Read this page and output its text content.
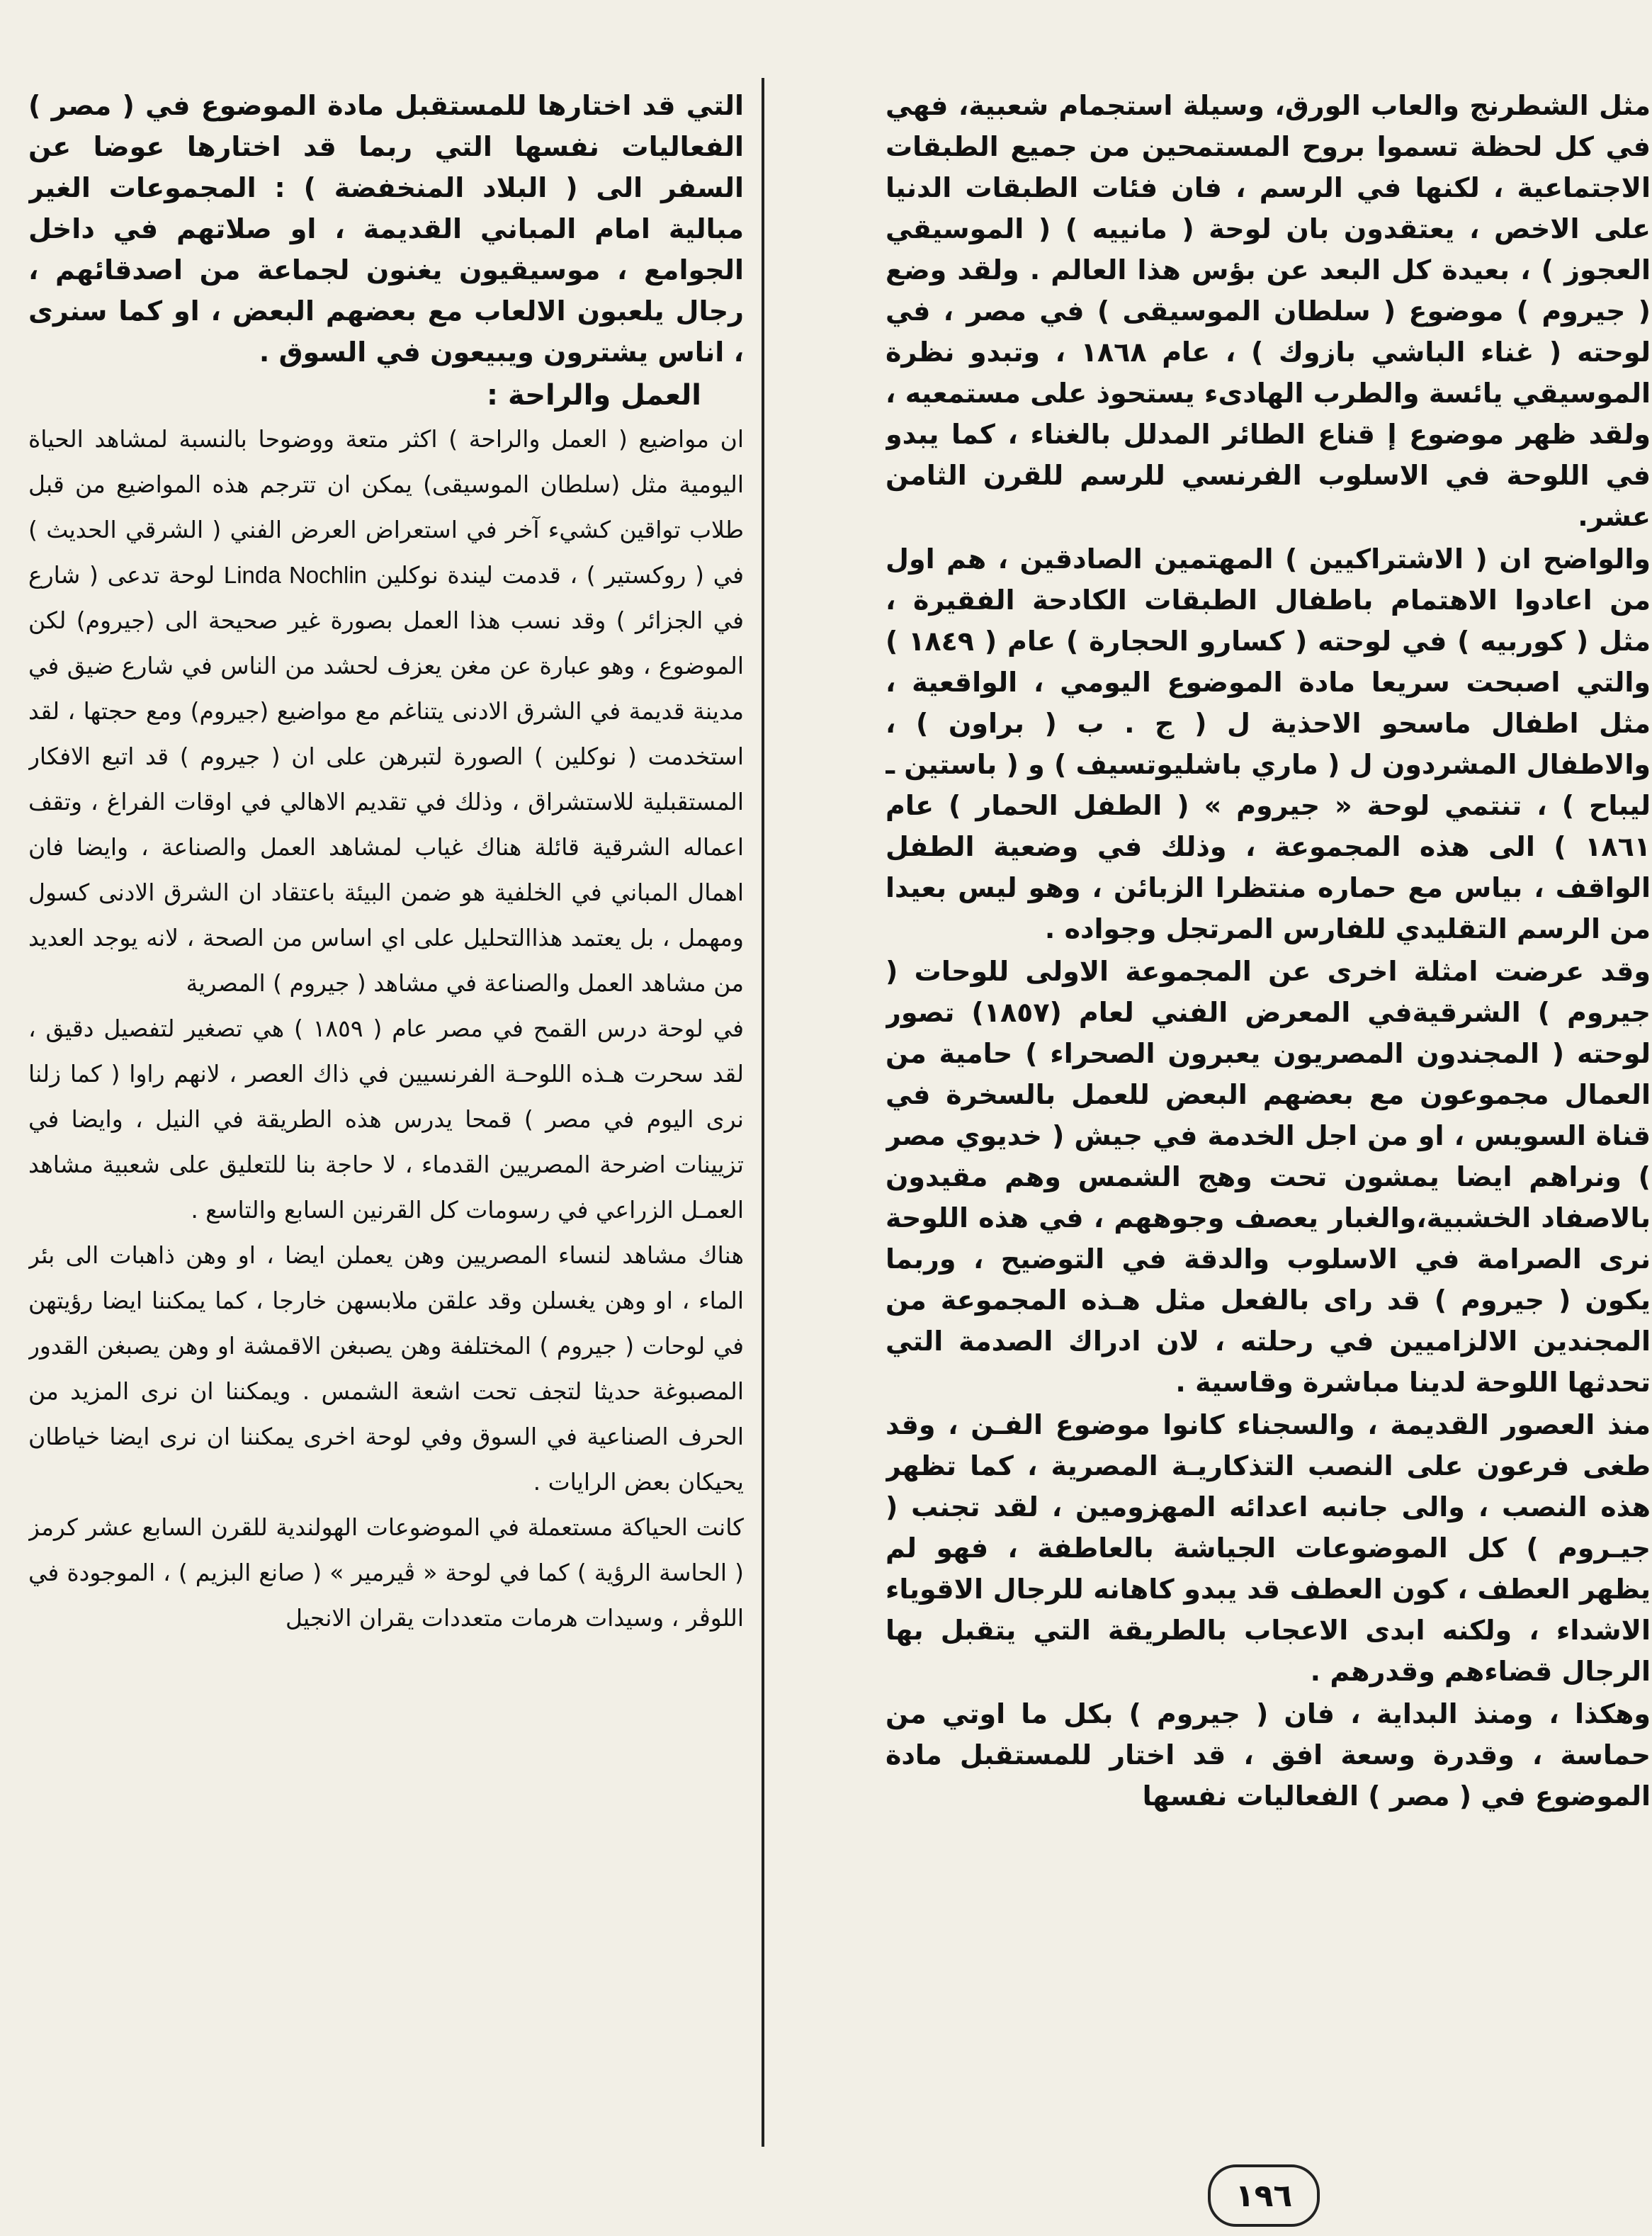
مثل الشطرنج والعاب الورق، وسيلة استجمام شعبية، فهي في كل لحظة تسموا بروح المستمحين من جميع الطبقات الاجتماعية ، لكنها في الرسم ، فان فئات الطبقات الدنيا على الاخص ، يعتقدون بان لوحة ( مانييه ) ( الموسيقي العجوز ) ، بعيدة كل البعد عن بؤس هذا العالم . ولقد وضع ( جيروم ) موضوع ( سلطان الموسيقى ) في مصر ، في لوحته ( غناء الباشي بازوك ) ، عام ١٨٦٨ ، وتبدو نظرة الموسيقي يائسة والطرب الهادىء يستحوذ على مستمعيه ، ولقد ظهر موضوع إ قناع الطائر المدلل بالغناء ، كما يبدو في اللوحة في الاسلوب الفرنسي للرسم للقرن الثامن عشر.

والواضح ان ( الاشتراكيين ) المهتمين الصادقين ، هم اول من اعادوا الاهتمام باطفال الطبقات الكادحة الفقيرة ، مثل ( كوربيه ) في لوحته ( كسارو الحجارة ) عام ( ١٨٤٩ ) والتي اصبحت سريعا مادة الموضوع اليومي ، الواقعية ، مثل اطفال ماسحو الاحذية ل ( ج . ب ( براون ) ، والاطفال المشردون ل ( ماري باشليوتسيف ) و ( باستين ـ ليباح ) ، تنتمي لوحة « جيروم » ( الطفل الحمار ) عام ١٨٦١ ) الى هذه المجموعة ، وذلك في وضعية الطفل الواقف ، بياس مع حماره منتظرا الزبائن ، وهو ليس بعيدا من الرسم التقليدي للفارس المرتجل وجواده .

وقد عرضت امثلة اخرى عن المجموعة الاولى للوحات ( جيروم ) الشرقيةفي المعرض الفني لعام (١٨٥٧) تصور لوحته ( المجندون المصريون يعبرون الصحراء ) حامية من العمال مجموعون مع بعضهم البعض للعمل بالسخرة في قناة السويس ، او من اجل الخدمة في جيش ( خديوي مصر ) ونراهم ايضا يمشون تحت وهج الشمس وهم مقيدون بالاصفاد الخشبية،والغبار يعصف وجوههم ، في هذه اللوحة نرى الصرامة في الاسلوب والدقة في التوضيح ، وربما يكون ( جيروم ) قد راى بالفعل مثل هـذه المجموعة من المجندين الالزاميين في رحلته ، لان ادراك الصدمة التي تحدثها اللوحة لدينا مباشرة وقاسية .

منذ العصور القديمة ، والسجناء كانوا موضوع الفـن ، وقد طغى فرعون على النصب التذكاريـة المصرية ، كما تظهر هذه النصب ، والى جانبه اعدائه المهزومين ، لقد تجنب ( جيـروم ) كل الموضوعات الجياشة بالعاطفة ، فهو لم يظهر العطف ، كون العطف قد يبدو كاهانه للرجال الاقوياء الاشداء ، ولكنه ابدى الاعجاب بالطريقة التي يتقبل بها الرجال قضاءهم وقدرهم .

وهكذا ، ومنذ البداية ، فان ( جيروم ) بكل ما اوتي من حماسة ، وقدرة وسعة افق ، قد اختار للمستقبل مادة الموضوع في ( مصر ) الفعاليات نفسها

التي قد اختارها للمستقبل مادة الموضوع في ( مصر ) الفعاليات نفسها التي ربما قد اختارها عوضا عن السفر الى ( البلاد المنخفضة ) : المجموعات الغير مبالية امام المباني القديمة ، او صلاتهم في داخل الجوامع ، موسيقيون يغنون لجماعة من اصدقائهم ، رجال يلعبون الالعاب مع بعضهم البعض ، او كما سنرى ، اناس يشترون ويبيعون في السوق .

العمل والراحة :

ان مواضيع ( العمل والراحة ) اكثر متعة ووضوحا بالنسبة لمشاهد الحياة اليومية مثل (سلطان الموسيقى) يمكن ان تترجم هذه المواضيع من قبل طلاب تواقين كشيء آخر في استعراض العرض الفني ( الشرقي الحديث ) في ( روكستير ) ، قدمت ليندة نوكلين Linda Nochlin لوحة تدعى ( شارع في الجزائر ) وقد نسب هذا العمل بصورة غير صحيحة الى (جيروم) لكن الموضوع ، وهو عبارة عن مغن يعزف لحشد من الناس في شارع ضيق في مدينة قديمة في الشرق الادنى يتناغم مع مواضيع (جيروم) ومع حجتها ، لقد استخدمت ( نوكلين ) الصورة لتبرهن على ان ( جيروم ) قد اتبع الافكار المستقبلية للاستشراق ، وذلك في تقديم الاهالي في اوقات الفراغ ، وتقف اعماله الشرقية قائلة هناك غياب لمشاهد العمل والصناعة ، وايضا فان اهمال المباني في الخلفية هو ضمن البيئة باعتقاد ان الشرق الادنى كسول ومهمل ، بل يعتمد هذاالتحليل على اي اساس من الصحة ، لانه يوجد العديد من مشاهد العمل والصناعة في مشاهد ( جيروم ) المصرية

في لوحة درس القمح في مصر عام ( ١٨٥٩ ) هي تصغير لتفصيل دقيق ، لقد سحرت هـذه اللوحـة الفرنسيين في ذاك العصر ، لانهم راوا ( كما زلنا نرى اليوم في مصر ) قمحا يدرس هذه الطريقة في النيل ، وايضا في تزيينات اضرحة المصريين القدماء ، لا حاجة بنا للتعليق على شعبية مشاهد العمـل الزراعي في رسومات كل القرنين السابع والتاسع .

هناك مشاهد لنساء المصريين وهن يعملن ايضا ، او وهن ذاهبات الى بئر الماء ، او وهن يغسلن وقد علقن ملابسهن خارجا ، كما يمكننا ايضا رؤيتهن في لوحات ( جيروم ) المختلفة وهن يصبغن الاقمشة او وهن يصبغن القدور المصبوغة حديثا لتجف تحت اشعة الشمس . ويمكننا ان نرى المزيد من الحرف الصناعية في السوق وفي لوحة اخرى يمكننا ان نرى ايضا خياطان يحيكان بعض الرايات .

كانت الحياكة مستعملة في الموضوعات الهولندية للقرن السابع عشر كرمز ( الحاسة الرؤية ) كما في لوحة « ڤيرمير » ( صانع البزيم ) ، الموجودة في اللوڤر ، وسيدات هرمات متعددات يقران الانجيل

١٩٦
